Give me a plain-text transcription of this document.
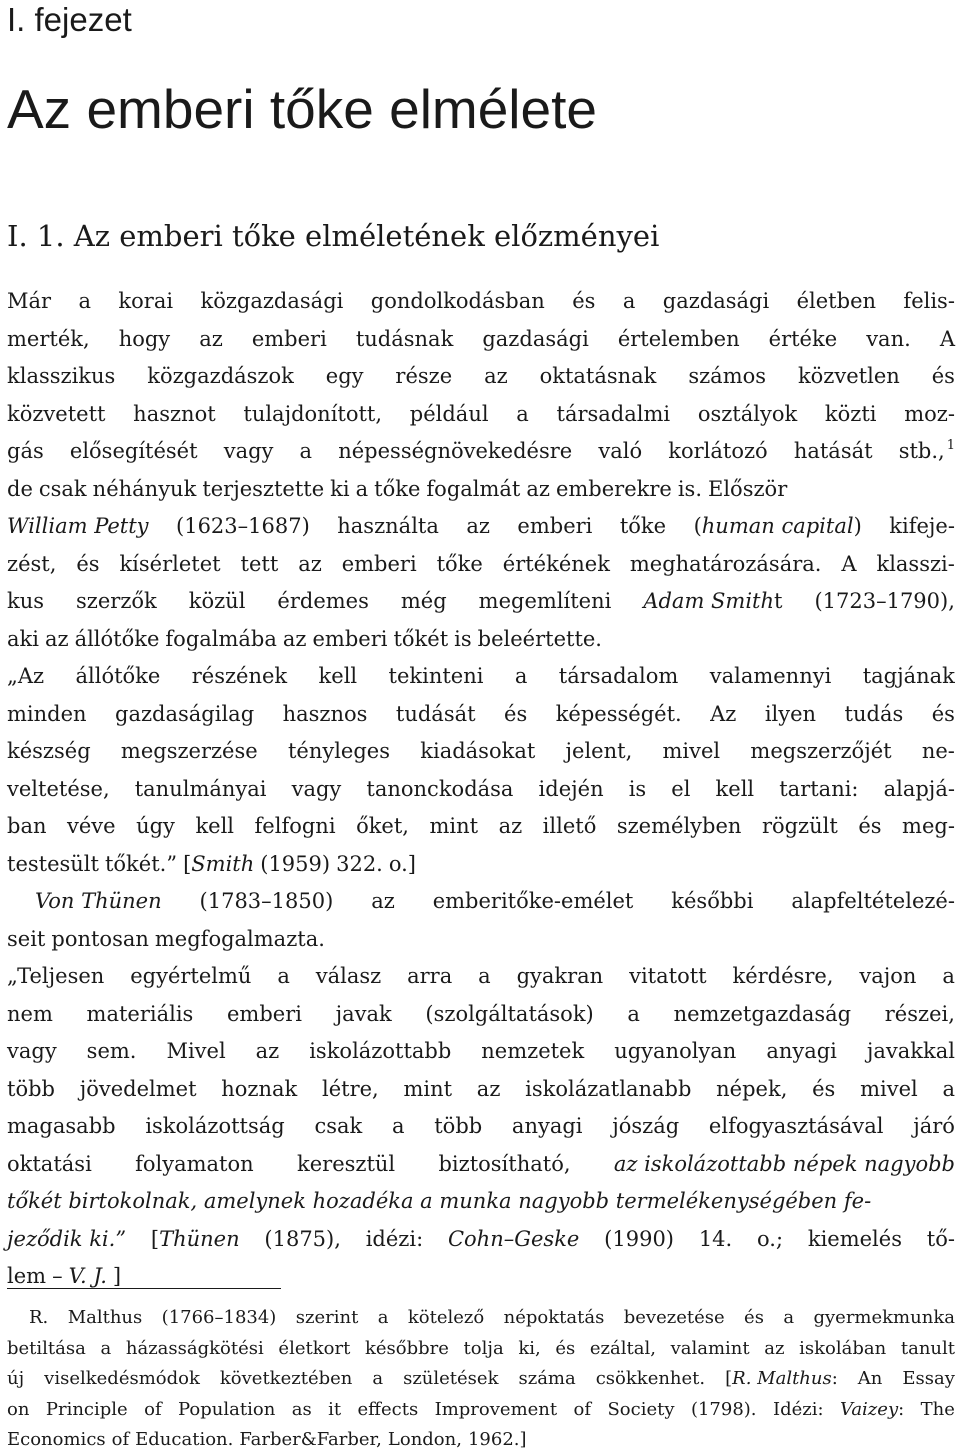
I. fejezet
Az emberi tőke elmélete
I. 1. Az emberi tőke elméletének előzményei
Már a korai közgazdasági gondolkodásban és a gazdasági életben felis-
merték, hogy az emberi tudásnak gazdasági értelemben értéke van. A
klasszikus közgazdászok egy része az oktatásnak számos közvetlen és
közvetett hasznot tulajdonított, például a társadalmi osztályok közti moz-
gás elősegítését vagy a népességnövekedésre való korlátozó hatását stb., $^1$
de csak néhányuk terjesztette ki a tőke fogalmát az emberekre is. Először
William Petty (1623–1687) használta az emberi tőke (human capital) kifeje-
zést, és kísérletet tett az emberi tőke értékének meghatározására. A klasszi-
kus szerzők közül érdemes még megemlíteni Adam Smitht (1723–1790),
aki az állótőke fogalmába az emberi tőkét is beleértette.
„Az állótőke részének kell tekinteni a társadalom valamennyi tagjának
minden gazdaságilag hasznos tudását és képességét. Az ilyen tudás és
készség megszerzése tényleges kiadásokat jelent, mivel megszerzőjét ne-
veltetése, tanulmányai vagy tanonckodása idején is el kell tartani: alapjá-
ban véve úgy kell felfogni őket, mint az illető személyben rögzült és meg-
testesült tőkét.” [Smith (1959) 322. o.]
Von Thünen (1783–1850) az emberitőke-emélet későbbi alapfeltételezé-
seit pontosan megfogalmazta.
„Teljesen egyértelmű a válasz arra a gyakran vitatott kérdésre, vajon a
nem materiális emberi javak (szolgáltatások) a nemzetgazdaság részei,
vagy sem. Mivel az iskolázottabb nemzetek ugyanolyan anyagi javakkal
több jövedelmet hoznak létre, mint az iskolázatlanabb népek, és mivel a
magasabb iskolázottság csak a több anyagi jószág elfogyasztásával járó
oktatási folyamaton keresztül biztosítható, az iskolázottabb népek nagyobb
tőkét birtokolnak, amelynek hozadéka a munka nagyobb termelékenységében fe-
jeződik ki.” [Thünen (1875), idézi: Cohn–Geske (1990) 14. o.; kiemelés tő-
lem – V. J. ]
R. Malthus (1766–1834) szerint a kötelező népoktatás bevezetése és a gyermekmunka
betiltása a házasságkötési életkort későbbre tolja ki, és ezáltal, valamint az iskolában tanult
új viselkedésmódok következtében a születések száma csökkenhet. [R. Malthus: An Essay
on Principle of Population as it effects Improvement of Society (1798). Idézi: Vaizey: The
Economics of Education. Farber&Farber, London, 1962.]
